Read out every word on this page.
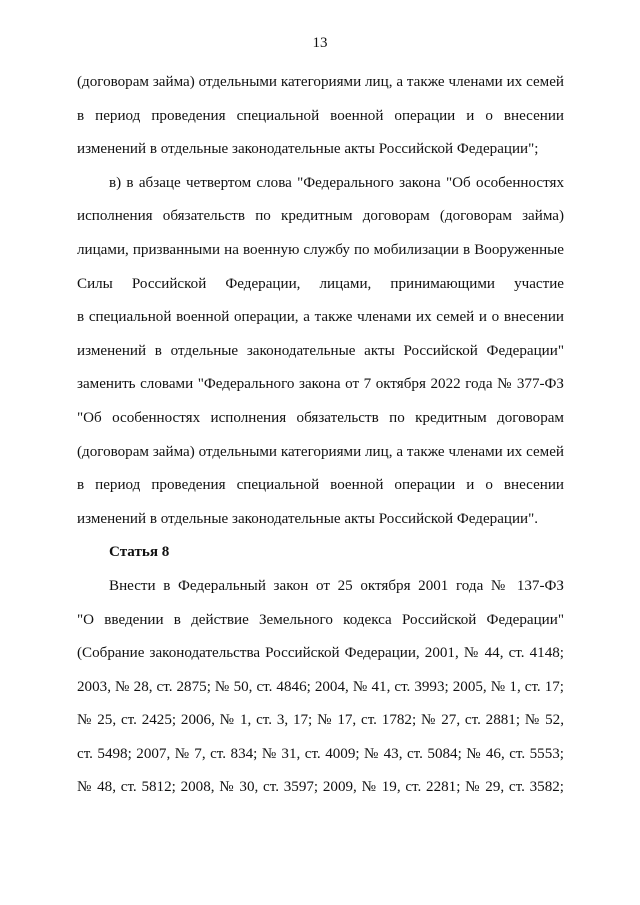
13
(договорам займа) отдельными категориями лиц, а также членами их семей
в период проведения специальной военной операции и о внесении
изменений в отдельные законодательные акты Российской Федерации";
в) в абзаце четвертом слова "Федерального закона "Об особенностях
исполнения обязательств по кредитным договорам (договорам займа)
лицами, призванными на военную службу по мобилизации в Вооруженные
Силы Российской Федерации, лицами, принимающими участие
в специальной военной операции, а также членами их семей и о внесении
изменений в отдельные законодательные акты Российской Федерации"
заменить словами "Федерального закона от 7 октября 2022 года № 377-ФЗ
"Об особенностях исполнения обязательств по кредитным договорам
(договорам займа) отдельными категориями лиц, а также членами их семей
в период проведения специальной военной операции и о внесении
изменений в отдельные законодательные акты Российской Федерации".
Статья 8
Внести в Федеральный закон от 25 октября 2001 года № 137-ФЗ
"О введении в действие Земельного кодекса Российской Федерации"
(Собрание законодательства Российской Федерации, 2001, № 44, ст. 4148;
2003, № 28, ст. 2875; № 50, ст. 4846; 2004, № 41, ст. 3993; 2005, № 1, ст. 17;
№ 25, ст. 2425; 2006, № 1, ст. 3, 17; № 17, ст. 1782; № 27, ст. 2881; № 52,
ст. 5498; 2007, № 7, ст. 834; № 31, ст. 4009; № 43, ст. 5084; № 46, ст. 5553;
№ 48, ст. 5812; 2008, № 30, ст. 3597; 2009, № 19, ст. 2281; № 29, ст. 3582;
